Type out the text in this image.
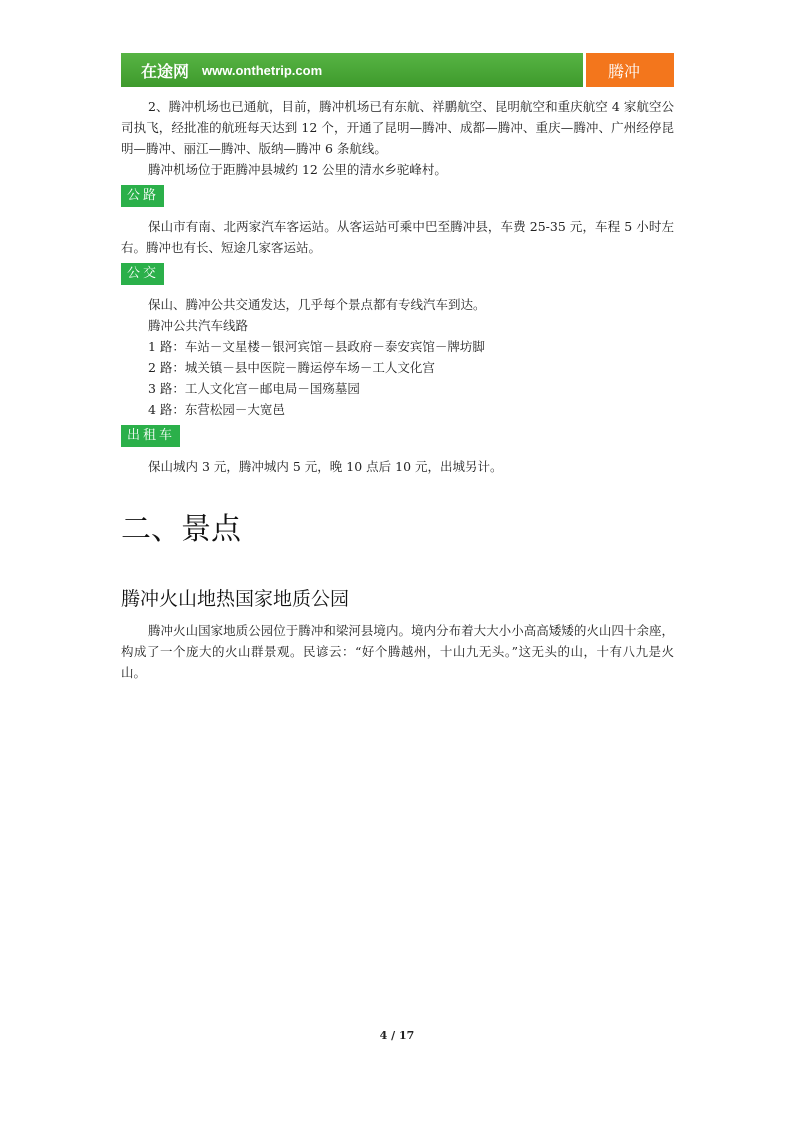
在途网 www.onthetrip.com	腾冲

2、腾冲机场也已通航，目前，腾冲机场已有东航、祥鹏航空、昆明航空和重庆航空 4 家航空公司执飞，经批准的航班每天达到 12 个，开通了昆明—腾冲、成都—腾冲、重庆—腾冲、广州经停昆明—腾冲、丽江—腾冲、版纳—腾冲 6 条航线。

腾冲机场位于距腾冲县城约 12 公里的清水乡驼峰村。

公路

保山市有南、北两家汽车客运站。从客运站可乘中巴至腾冲县，车费 25-35 元，车程 5 小时左右。腾冲也有长、短途几家客运站。

公交

保山、腾冲公共交通发达，几乎每个景点都有专线汽车到达。

腾冲公共汽车线路

1 路：车站－文星楼－银河宾馆－县政府－泰安宾馆－牌坊脚

2 路：城关镇－县中医院－腾运停车场－工人文化宫

3 路：工人文化宫－邮电局－国殇墓园

4 路：东营松园－大宽邑

出租车

保山城内 3 元，腾冲城内 5 元，晚 10 点后 10 元，出城另计。

二、景点
腾冲火山地热国家地质公园

腾冲火山国家地质公园位于腾冲和梁河县境内。境内分布着大大小小高高矮矮的火山四十余座，构成了一个庞大的火山群景观。民谚云：“好个腾越州，十山九无头。”这无头的山，十有八九是火山。

4 / 17
